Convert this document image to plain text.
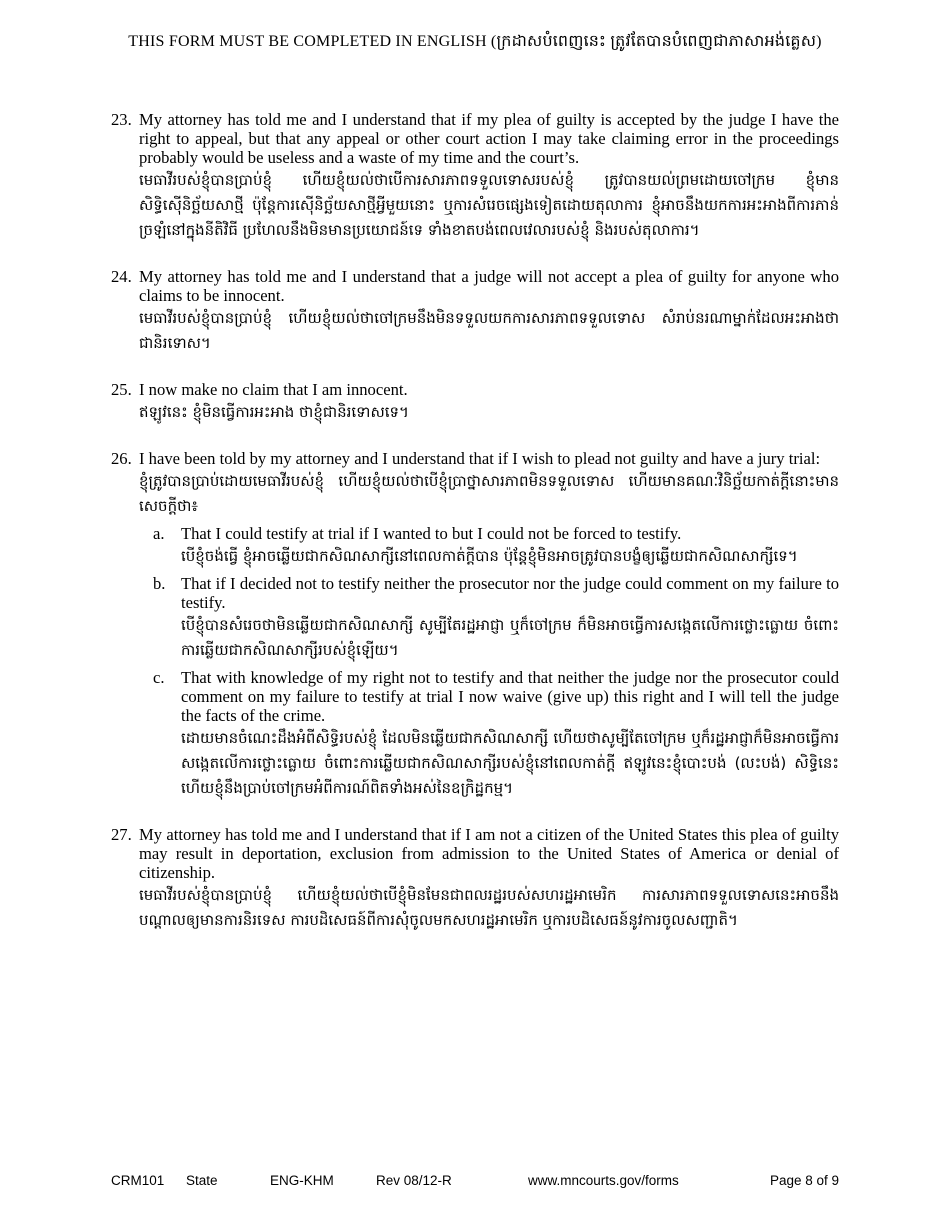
THIS FORM MUST BE COMPLETED IN ENGLISH (ក្រដាសបំពេញនេះ ត្រូវតែបានបំពេញជាភាសាអង់គ្លេស)
23. My attorney has told me and I understand that if my plea of guilty is accepted by the judge I have the right to appeal, but that any appeal or other court action I may take claiming error in the proceedings probably would be useless and a waste of my time and the court’s.
មេធាវីរបស់ខ្ញុំបានប្រាប់ខ្ញុំ ហើយខ្ញុំយល់ថាបើការសារភាពទទួលទោសរបស់ខ្ញុំ ត្រូវបានយល់ព្រមដោយចៅក្រម ខ្ញុំមានសិទ្ធិស៊ើនិច្ឆ័យសាថ្មី ប៉ុន្តែការស៊ើនិច្ឆ័យសាថ្មីអ្វីមួយនោះ ឬការសំរេចផ្សេងទៀតដោយតុលាការ ខ្ញុំអាចនឹងយកការអះអាងពីការភាន់ច្រឡំនៅក្នុងនីតិវិធី ប្រហែលនឹងមិនមានប្រយោជន៍ទេ ទាំងខាតបង់ពេលវេលារបស់ខ្ញុំ និងរបស់តុលាការ។
24. My attorney has told me and I understand that a judge will not accept a plea of guilty for anyone who claims to be innocent.
មេធាវីរបស់ខ្ញុំបានប្រាប់ខ្ញុំ ហើយខ្ញុំយល់ថាចៅក្រមនឹងមិនទទួលយកការសារភាពទទួលទោស សំរាប់នរណាម្នាក់ដែលអះអាងថាជានិរទោស។
25. I now make no claim that I am innocent.
ឥឡូវនេះ ខ្ញុំមិនធ្វើការអះអាង ថាខ្ញុំជានិរទោសទេ។
26. I have been told by my attorney and I understand that if I wish to plead not guilty and have a jury trial:
ខ្ញុំត្រូវបានប្រាប់ដោយមេធាវីរបស់ខ្ញុំ ហើយខ្ញុំយល់ថាបើខ្ញុំប្រាថ្នាសារភាពមិនទទួលទោស ហើយមានគណៈវិនិច្ឆ័យកាត់ក្តីនោះមានសេចក្តីថា៖
a. That I could testify at trial if I wanted to but I could not be forced to testify.
បើខ្ញុំចង់ធ្វើ ខ្ញុំអាចឆ្លើយជាកសិណសាក្សីនៅពេលកាត់ក្តីបាន ប៉ុន្តែខ្ញុំមិនអាចត្រូវបានបង្ខំឲ្យឆ្លើយជាកសិណសាក្សីទេ។
b. That if I decided not to testify neither the prosecutor nor the judge could comment on my failure to testify.
បើខ្ញុំបានសំរេចថាមិនឆ្លើយជាកសិណសាក្សី សូម្បីតែរដ្ឋអាជ្ញា ឬក៏ចៅក្រម ក៏មិនអាចធ្វើការសង្កេតលើការថ្លោះធ្លោយ ចំពោះការឆ្លើយជាកសិណសាក្សីរបស់ខ្ញុំឡើយ។
c. That with knowledge of my right not to testify and that neither the judge nor the prosecutor could comment on my failure to testify at trial I now waive (give up) this right and I will tell the judge the facts of the crime.
ដោយមានចំណេះដឹងអំពីសិទ្ធិរបស់ខ្ញុំ ដែលមិនឆ្លើយជាកសិណសាក្សី ហើយថាសូម្បីតែចៅក្រម ឬក៏រដ្ឋអាជ្ញាក៏មិនអាចធ្វើការសង្កេតលើការថ្លោះធ្លោយ ចំពោះការឆ្លើយជាកសិណសាក្សីរបស់ខ្ញុំនៅពេលកាត់ក្តី ឥឡូវនេះខ្ញុំបោះបង់ (លះបង់) សិទ្ធិនេះ ហើយខ្ញុំនឹងប្រាប់ចៅក្រមអំពីការណ៍ពិតទាំងអស់នៃឧក្រិដ្ឋកម្ម។
27. My attorney has told me and I understand that if I am not a citizen of the United States this plea of guilty may result in deportation, exclusion from admission to the United States of America or denial of citizenship.
មេធាវីរបស់ខ្ញុំបានប្រាប់ខ្ញុំ ហើយខ្ញុំយល់ថាបើខ្ញុំមិនមែនជាពលរដ្ឋរបស់សហរដ្ឋអាមេរិក ការសារភាពទទួលទោសនេះអាចនឹងបណ្តាលឲ្យមានការនិរទេស ការបដិសេធន៍ពីការសុំចូលមកសហរដ្ឋអាមេរិក ឬការបដិសេធន៍នូវការចូលសញ្ជាតិ។
CRM101 State	ENG-KHM	Rev 08/12-R	www.mncourts.gov/forms	Page 8 of 9
